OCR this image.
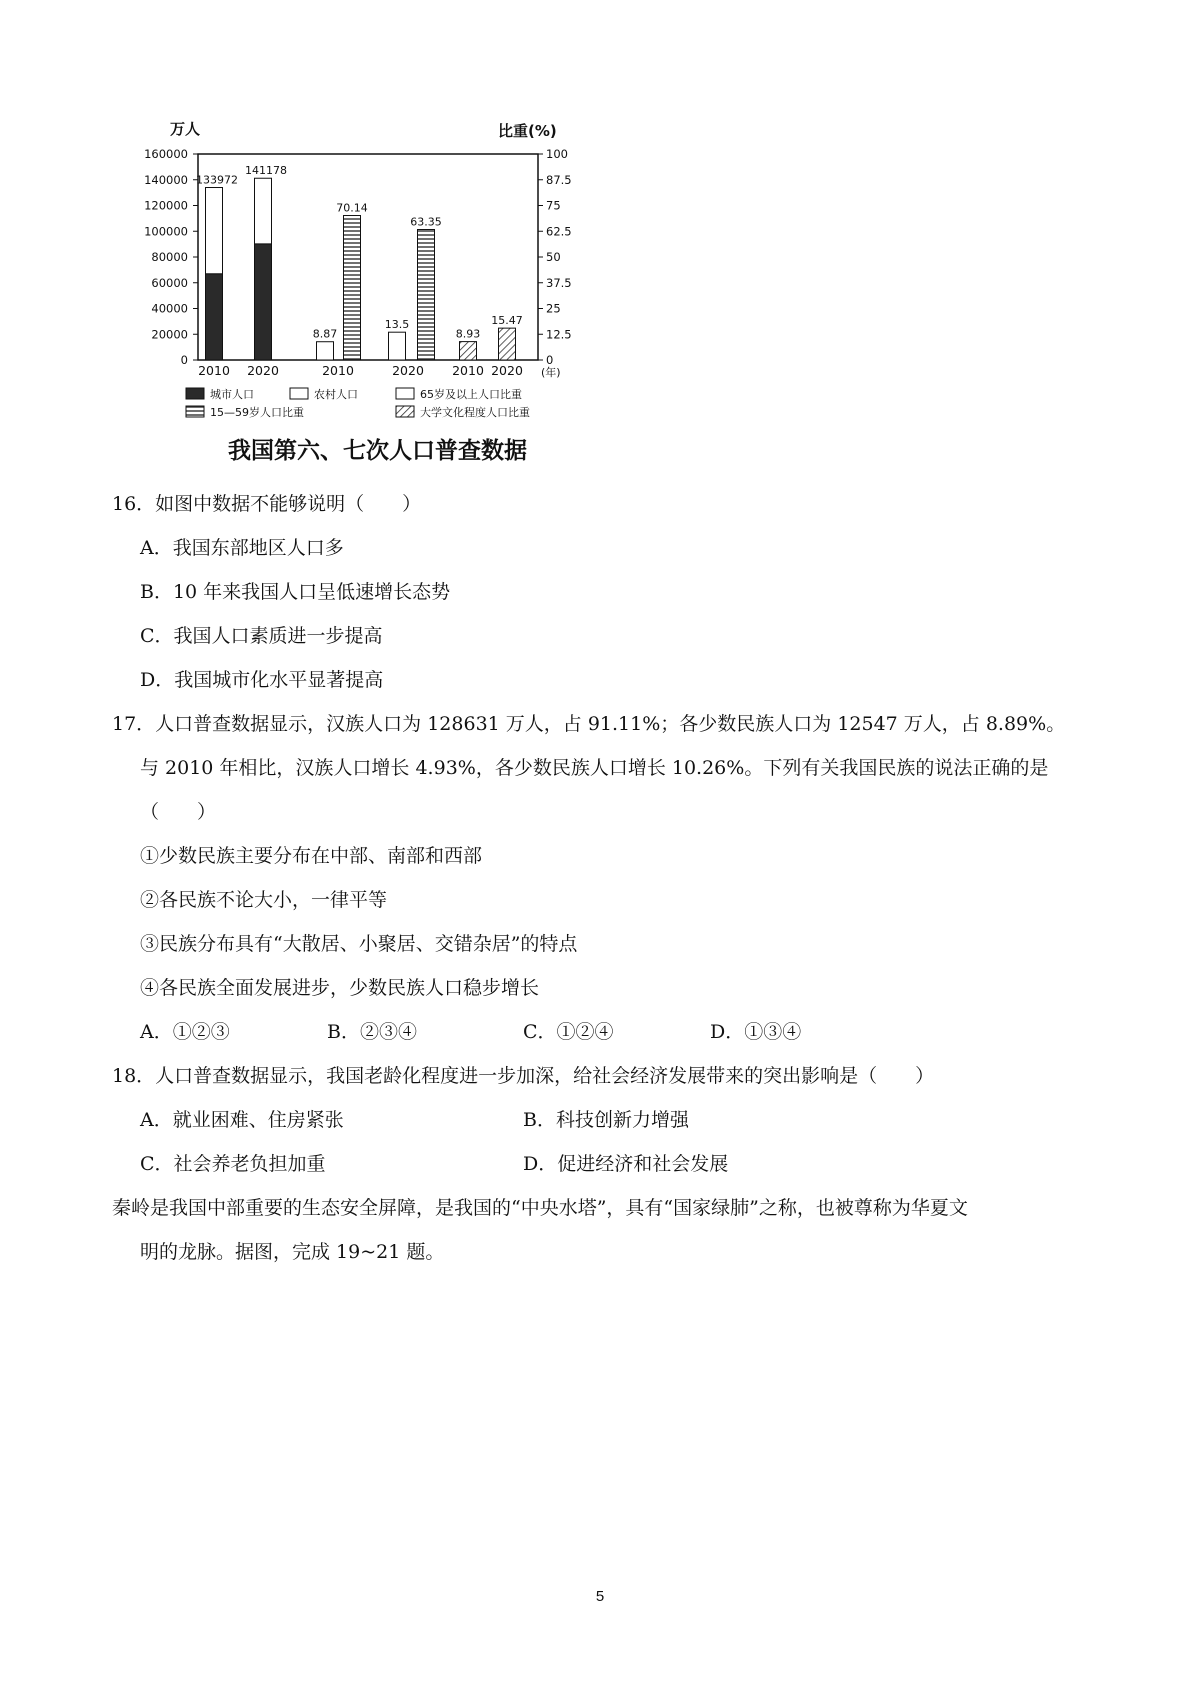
万人	比重(%)
160000
140000
120000
100000
80000
60000
40000
20000
0
100
87.5
75
62.5
50
37.5
25
12.5
0
133972
141178
8.87
70.14
13.5
63.35
8.93
15.47
2010 2020	2010	2020 2010 2020 (年)
城市人口	农村人口	65岁及以上人口比重
15—59岁人口比重	大学文化程度人口比重
我国第六、七次人口普查数据
16．如图中数据不能够说明（　　）
A．我国东部地区人口多
B．10 年来我国人口呈低速增长态势
C．我国人口素质进一步提高
D．我国城市化水平显著提高
17．人口普查数据显示，汉族人口为 128631 万人，占 91.11%；各少数民族人口为 12547 万人，占 8.89%。
与 2010 年相比，汉族人口增长 4.93%，各少数民族人口增长 10.26%。下列有关我国民族的说法正确的是
（　　）
①少数民族主要分布在中部、南部和西部
②各民族不论大小，一律平等
③民族分布具有“大散居、小聚居、交错杂居”的特点
④各民族全面发展进步，少数民族人口稳步增长
A．①②③	B．②③④	C．①②④	D．①③④
18．人口普查数据显示，我国老龄化程度进一步加深，给社会经济发展带来的突出影响是（　　）
A．就业困难、住房紧张	B．科技创新力增强
C．社会养老负担加重	D．促进经济和社会发展
秦岭是我国中部重要的生态安全屏障，是我国的“中央水塔”，具有“国家绿肺”之称，也被尊称为华夏文
明的龙脉。据图，完成 19~21 题。
5
